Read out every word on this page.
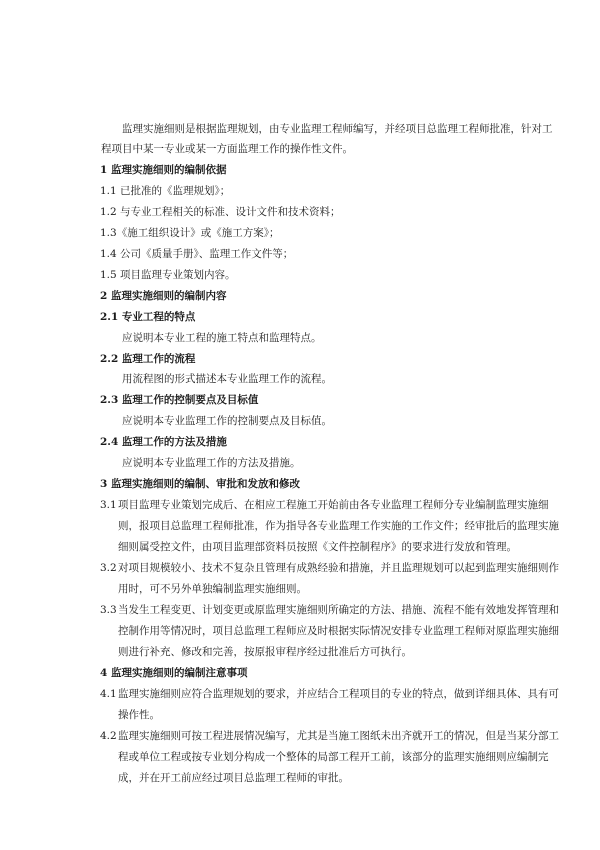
监理实施细则是根据监理规划，由专业监理工程师编写，并经项目总监理工程师批准，针对工
程项目中某一专业或某一方面监理工作的操作性文件。
1 监理实施细则的编制依据
1.1 已批准的《监理规划》；
1.2 与专业工程相关的标准、设计文件和技术资料；
1.3《施工组织设计》或《施工方案》；
1.4 公司《质量手册》、监理工作文件等；
1.5 项目监理专业策划内容。
2 监理实施细则的编制内容
2.1 专业工程的特点
应说明本专业工程的施工特点和监理特点。
2.2 监理工作的流程
用流程图的形式描述本专业监理工作的流程。
2.3 监理工作的控制要点及目标值
应说明本专业监理工作的控制要点及目标值。
2.4 监理工作的方法及措施
应说明本专业监理工作的方法及措施。
3 监理实施细则的编制、审批和发放和修改
3.1 项目监理专业策划完成后、在相应工程施工开始前由各专业监理工程师分专业编制监理实施细
则，报项目总监理工程师批准，作为指导各专业监理工作实施的工作文件；经审批后的监理实施
细则属受控文件，由项目监理部资料员按照《文件控制程序》的要求进行发放和管理。
3.2 对项目规模较小、技术不复杂且管理有成熟经验和措施，并且监理规划可以起到监理实施细则作
用时，可不另外单独编制监理实施细则。
3.3 当发生工程变更、计划变更或原监理实施细则所确定的方法、措施、流程不能有效地发挥管理和
控制作用等情况时，项目总监理工程师应及时根据实际情况安排专业监理工程师对原监理实施细
则进行补充、修改和完善，按原报审程序经过批准后方可执行。
4 监理实施细则的编制注意事项
4.1 监理实施细则应符合监理规划的要求，并应结合工程项目的专业的特点，做到详细具体、具有可
操作性。
4.2 监理实施细则可按工程进展情况编写，尤其是当施工图纸未出齐就开工的情况，但是当某分部工
程或单位工程或按专业划分构成一个整体的局部工程开工前，该部分的监理实施细则应编制完
成，并在开工前应经过项目总监理工程师的审批。
